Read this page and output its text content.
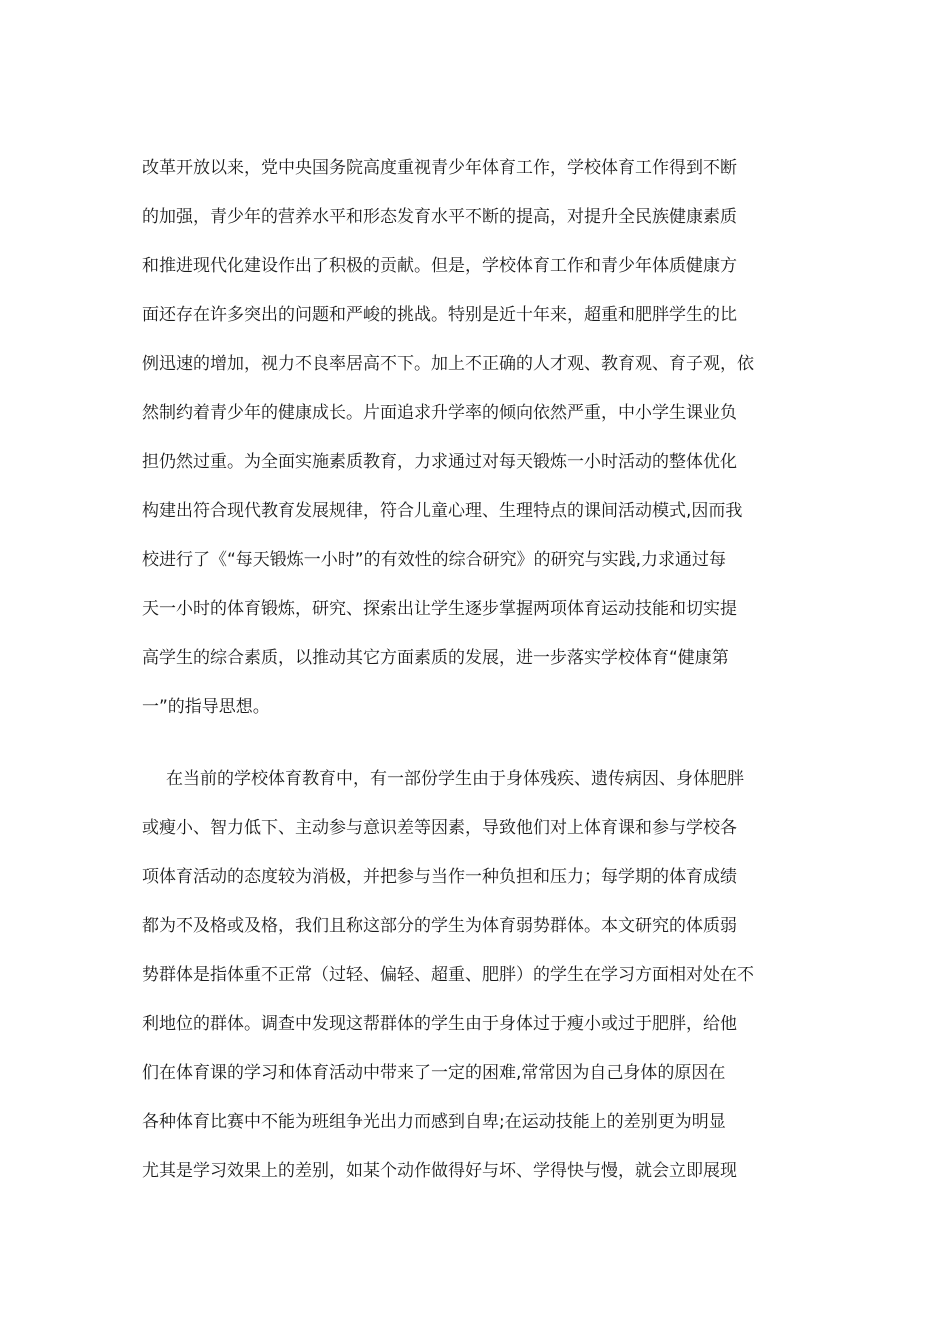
改革开放以来，党中央国务院高度重视青少年体育工作，学校体育工作得到不断
的加强，青少年的营养水平和形态发育水平不断的提高，对提升全民族健康素质
和推进现代化建设作出了积极的贡献。但是，学校体育工作和青少年体质健康方
面还存在许多突出的问题和严峻的挑战。特别是近十年来，超重和肥胖学生的比
例迅速的增加，视力不良率居高不下。加上不正确的人才观、教育观、育子观，依
然制约着青少年的健康成长。片面追求升学率的倾向依然严重，中小学生课业负
担仍然过重。为全面实施素质教育，力求通过对每天锻炼一小时活动的整体优化
构建出符合现代教育发展规律，符合儿童心理、生理特点的课间活动模式,因而我
校进行了《“每天锻炼一小时”的有效性的综合研究》的研究与实践,力求通过每
天一小时的体育锻炼，研究、探索出让学生逐步掌握两项体育运动技能和切实提
高学生的综合素质，以推动其它方面素质的发展，进一步落实学校体育“健康第
一”的指导思想。
在当前的学校体育教育中，有一部份学生由于身体残疾、遗传病因、身体肥胖
或瘦小、智力低下、主动参与意识差等因素，导致他们对上体育课和参与学校各
项体育活动的态度较为消极，并把参与当作一种负担和压力；每学期的体育成绩
都为不及格或及格，我们且称这部分的学生为体育弱势群体。本文研究的体质弱
势群体是指体重不正常（过轻、偏轻、超重、肥胖）的学生在学习方面相对处在不
利地位的群体。调查中发现这帮群体的学生由于身体过于瘦小或过于肥胖，给他
们在体育课的学习和体育活动中带来了一定的困难,常常因为自己身体的原因在
各种体育比赛中不能为班组争光出力而感到自卑;在运动技能上的差别更为明显
尤其是学习效果上的差别，如某个动作做得好与坏、学得快与慢，就会立即展现
